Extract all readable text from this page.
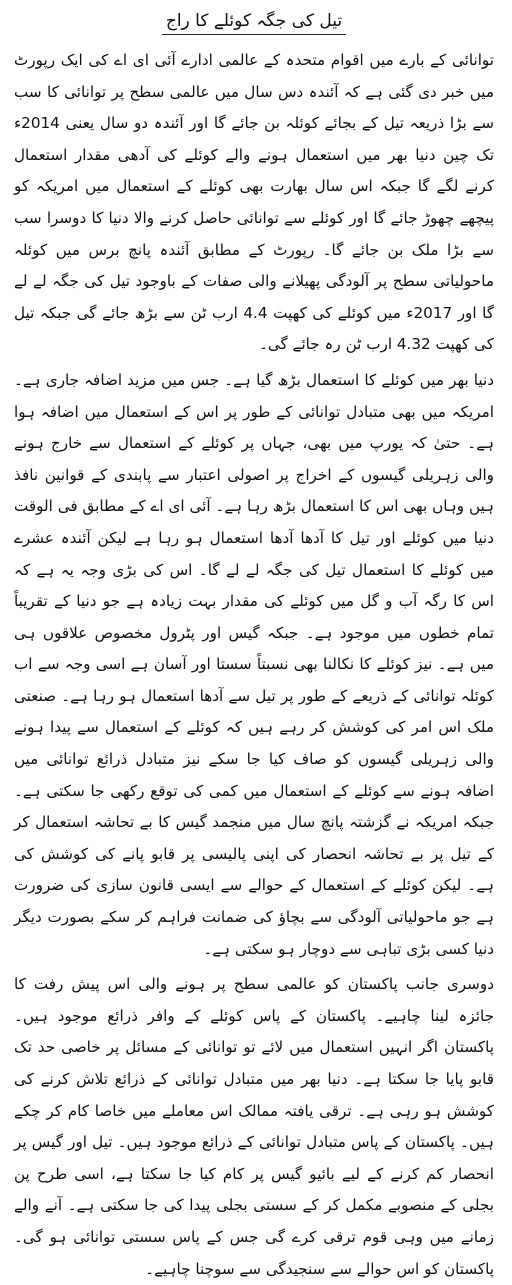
تیل کی جگہ کوئلے کا راج

توانائی کے بارے میں اقوام متحدہ کے عالمی ادارے آئی ای اے کی ایک رپورٹ میں خبر دی گئی ہے کہ آئندہ دس سال میں عالمی سطح پر توانائی کا سب سے بڑا ذریعہ تیل کے بجائے کوئلہ بن جائے گا اور آئندہ دو سال یعنی 2014ء تک چین دنیا بھر میں استعمال ہونے والے کوئلے کی آدھی مقدار استعمال کرنے لگے گا جبکہ اس سال بھارت بھی کوئلے کے استعمال میں امریکہ کو پیچھے چھوڑ جائے گا اور کوئلے سے توانائی حاصل کرنے والا دنیا کا دوسرا سب سے بڑا ملک بن جائے گا۔ رپورٹ کے مطابق آئندہ پانچ برس میں کوئلہ ماحولیاتی سطح پر آلودگی پھیلانے والی صفات کے باوجود تیل کی جگہ لے لے گا اور 2017ء میں کوئلے کی کھپت 4.4 ارب ٹن سے بڑھ جائے گی جبکہ تیل کی کھپت 4.32 ارب ٹن رہ جائے گی۔

دنیا بھر میں کوئلے کا استعمال بڑھ گیا ہے۔ جس میں مزید اضافہ جاری ہے۔ امریکہ میں بھی متبادل توانائی کے طور پر اس کے استعمال میں اضافہ ہوا ہے۔ حتیٰ کہ یورپ میں بھی، جہاں پر کوئلے کے استعمال سے خارج ہونے والی زہریلی گیسوں کے اخراج پر اصولی اعتبار سے پابندی کے قوانین نافذ ہیں وہاں بھی اس کا استعمال بڑھ رہا ہے۔ آئی ای اے کے مطابق فی الوقت دنیا میں کوئلے اور تیل کا آدھا آدھا استعمال ہو رہا ہے لیکن آئندہ عشرے میں کوئلے کا استعمال تیل کی جگہ لے لے گا۔ اس کی بڑی وجہ یہ ہے کہ اس کا رگہ آب و گل میں کوئلے کی مقدار بہت زیادہ ہے جو دنیا کے تقریباً تمام خطوں میں موجود ہے۔ جبکہ گیس اور پٹرول مخصوص علاقوں ہی میں ہے۔ نیز کوئلے کا نکالنا بھی نسبتاً سستا اور آسان ہے اسی وجہ سے اب کوئلہ توانائی کے ذریعے کے طور پر تیل سے آدھا استعمال ہو رہا ہے۔ صنعتی ملک اس امر کی کوشش کر رہے ہیں کہ کوئلے کے استعمال سے پیدا ہونے والی زہریلی گیسوں کو صاف کیا جا سکے نیز متبادل ذرائع توانائی میں اضافہ ہونے سے کوئلے کے استعمال میں کمی کی توقع رکھی جا سکتی ہے۔ جبکہ امریکہ نے گزشتہ پانچ سال میں منجمد گیس کا بے تحاشہ استعمال کر کے تیل پر بے تحاشہ انحصار کی اپنی پالیسی پر قابو پانے کی کوشش کی ہے۔ لیکن کوئلے کے استعمال کے حوالے سے ایسی قانون سازی کی ضرورت ہے جو ماحولیاتی آلودگی سے بچاؤ کی ضمانت فراہم کر سکے بصورت دیگر دنیا کسی بڑی تباہی سے دوچار ہو سکتی ہے۔

دوسری جانب پاکستان کو عالمی سطح پر ہونے والی اس پیش رفت کا جائزہ لینا چاہیے۔ پاکستان کے پاس کوئلے کے وافر ذرائع موجود ہیں۔ پاکستان اگر انہیں استعمال میں لائے تو توانائی کے مسائل پر خاصی حد تک قابو پایا جا سکتا ہے۔ دنیا بھر میں متبادل توانائی کے ذرائع تلاش کرنے کی کوشش ہو رہی ہے۔ ترقی یافتہ ممالک اس معاملے میں خاصا کام کر چکے ہیں۔ پاکستان کے پاس متبادل توانائی کے ذرائع موجود ہیں۔ تیل اور گیس پر انحصار کم کرنے کے لیے بائیو گیس پر کام کیا جا سکتا ہے، اسی طرح پن بجلی کے منصوبے مکمل کر کے سستی بجلی پیدا کی جا سکتی ہے۔ آنے والے زمانے میں وہی قوم ترقی کرے گی جس کے پاس سستی توانائی ہو گی۔ پاکستان کو اس حوالے سے سنجیدگی سے سوچنا چاہیے۔
